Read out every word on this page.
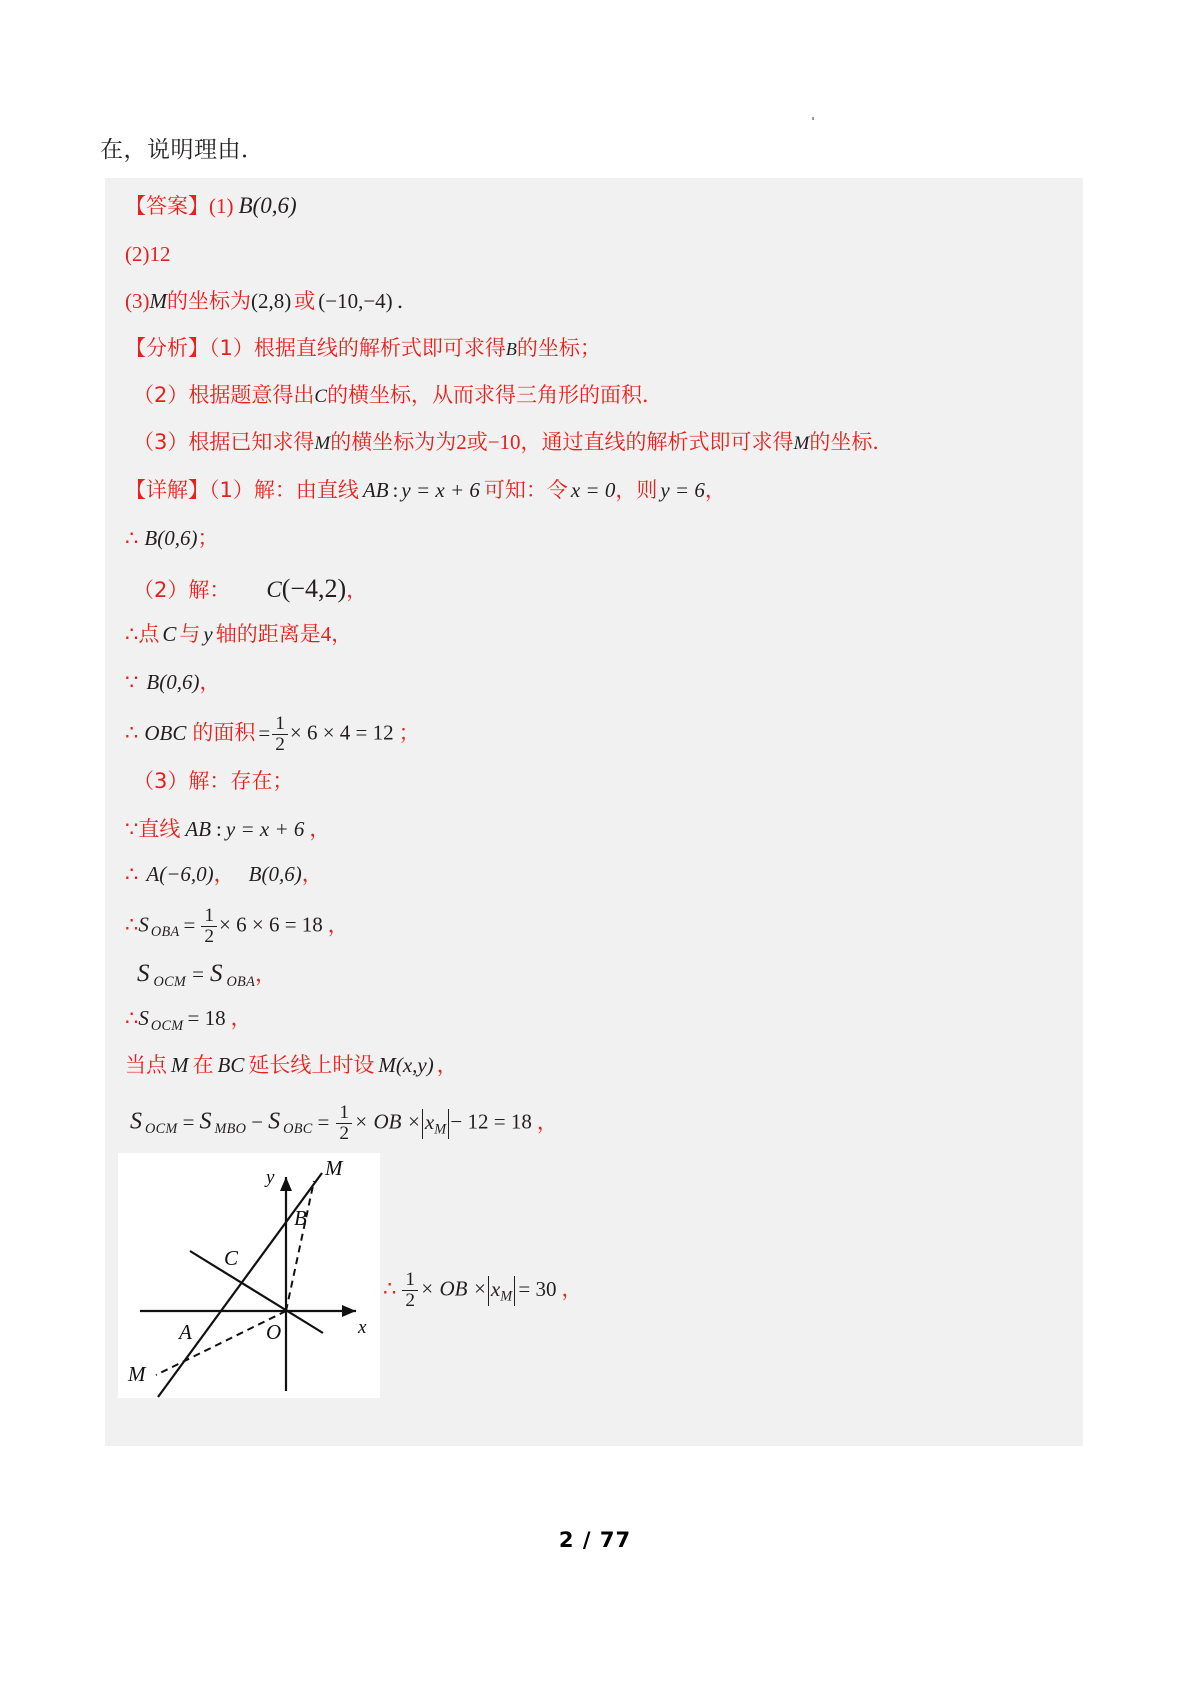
在，说明理由．
【答案】(1) B(0,6)
(2)12
(3)M的坐标为(2,8) 或 (−10,−4) ．
【分析】（1）根据直线的解析式即可求得B的坐标；
（2）根据题意得出C的横坐标，从而求得三角形的面积．
（3）根据已知求得M的横坐标为为2或−10，通过直线的解析式即可求得M的坐标．
【详解】（1）解：由直线 AB : y = x + 6 可知：令 x = 0，则 y = 6，
∴ B(0,6)；
（2）解： C(−4,2)，
∴点 C 与 y 轴的距离是4，
∵ B(0,6)，
∴ OBC 的面积 = $\frac{1}{2} \times 6 \times 4 = 12$ ；
（3）解：存在；
∵直线 AB : y = x + 6 ，
∴ A(−6,0)， B(0,6)，
∴S $_{OBA} = \frac{1}{2} \times 6 \times 6 = 18$ ，
S $_{OCM}$ = S $_{OBA}$，
∴S $_{OCM}$ = 18 ，
当点 M 在 BC 延长线上时设 M(x,y) ，
S $_{OCM}$ = S $_{MBO}$ − S $_{OBC} = \frac{1}{2}$ × OB × $x_M - 12 = 18$ ，
M
B
y
C
A	O	x
M
∴ $\frac{1}{2}$ × OB × $x_M = 30$ ，
2 / 77
